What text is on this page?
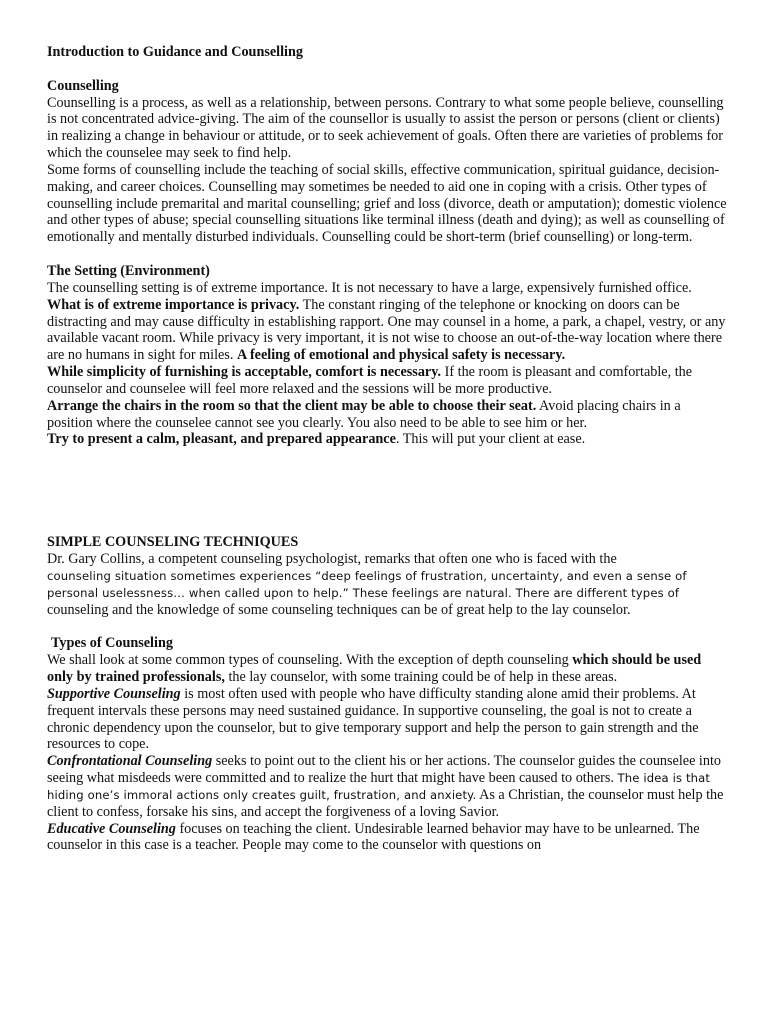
Introduction to Guidance and Counselling

Counselling

Counselling is a process, as well as a relationship, between persons. Contrary to what some people believe, counselling is not concentrated advice-giving. The aim of the counsellor is usually to assist the person or persons (client or clients) in realizing a change in behaviour or attitude, or to seek achievement of goals. Often there are varieties of problems for which the counselee may seek to find help.

Some forms of counselling include the teaching of social skills, effective communication, spiritual guidance, decision-making, and career choices. Counselling may sometimes be needed to aid one in coping with a crisis. Other types of counselling include premarital and marital counselling; grief and loss (divorce, death or amputation); domestic violence and other types of abuse; special counselling situations like terminal illness (death and dying); as well as counselling of emotionally and mentally disturbed individuals. Counselling could be short-term (brief counselling) or long-term.

The Setting (Environment)

The counselling setting is of extreme importance. It is not necessary to have a large, expensively furnished office. What is of extreme importance is privacy. The constant ringing of the telephone or knocking on doors can be distracting and may cause difficulty in establishing rapport. One may counsel in a home, a park, a chapel, vestry, or any available vacant room. While privacy is very important, it is not wise to choose an out-of-the-way location where there are no humans in sight for miles. A feeling of emotional and physical safety is necessary.

While simplicity of furnishing is acceptable, comfort is necessary. If the room is pleasant and comfortable, the counselor and counselee will feel more relaxed and the sessions will be more productive.

Arrange the chairs in the room so that the client may be able to choose their seat. Avoid placing chairs in a position where the counselee cannot see you clearly. You also need to be able to see him or her.

Try to present a calm, pleasant, and prepared appearance. This will put your client at ease.

SIMPLE COUNSELING TECHNIQUES

Dr. Gary Collins, a competent counseling psychologist, remarks that often one who is faced with the
counseling situation sometimes experiences “deep feelings of frustration, uncertainty, and even a sense of personal uselessness… when called upon to help.” These feelings are natural. There are different types of
counseling and the knowledge of some counseling techniques can be of great help to the lay counselor.

Types of Counseling

We shall look at some common types of counseling. With the exception of depth counseling which should be used only by trained professionals, the lay counselor, with some training could be of help in these areas.

Supportive Counseling is most often used with people who have difficulty standing alone amid their problems. At frequent intervals these persons may need sustained guidance. In supportive counseling, the goal is not to create a chronic dependency upon the counselor, but to give temporary support and help the person to gain strength and the resources to cope.

Confrontational Counseling seeks to point out to the client his or her actions. The counselor guides the counselee into seeing what misdeeds were committed and to realize the hurt that might have been caused to others. The idea is that hiding one’s immoral actions only creates guilt, frustration, and anxiety. As a Christian, the counselor must help the client to confess, forsake his sins, and accept the forgiveness of a loving Savior.

Educative Counseling focuses on teaching the client. Undesirable learned behavior may have to be unlearned. The counselor in this case is a teacher. People may come to the counselor with questions on
